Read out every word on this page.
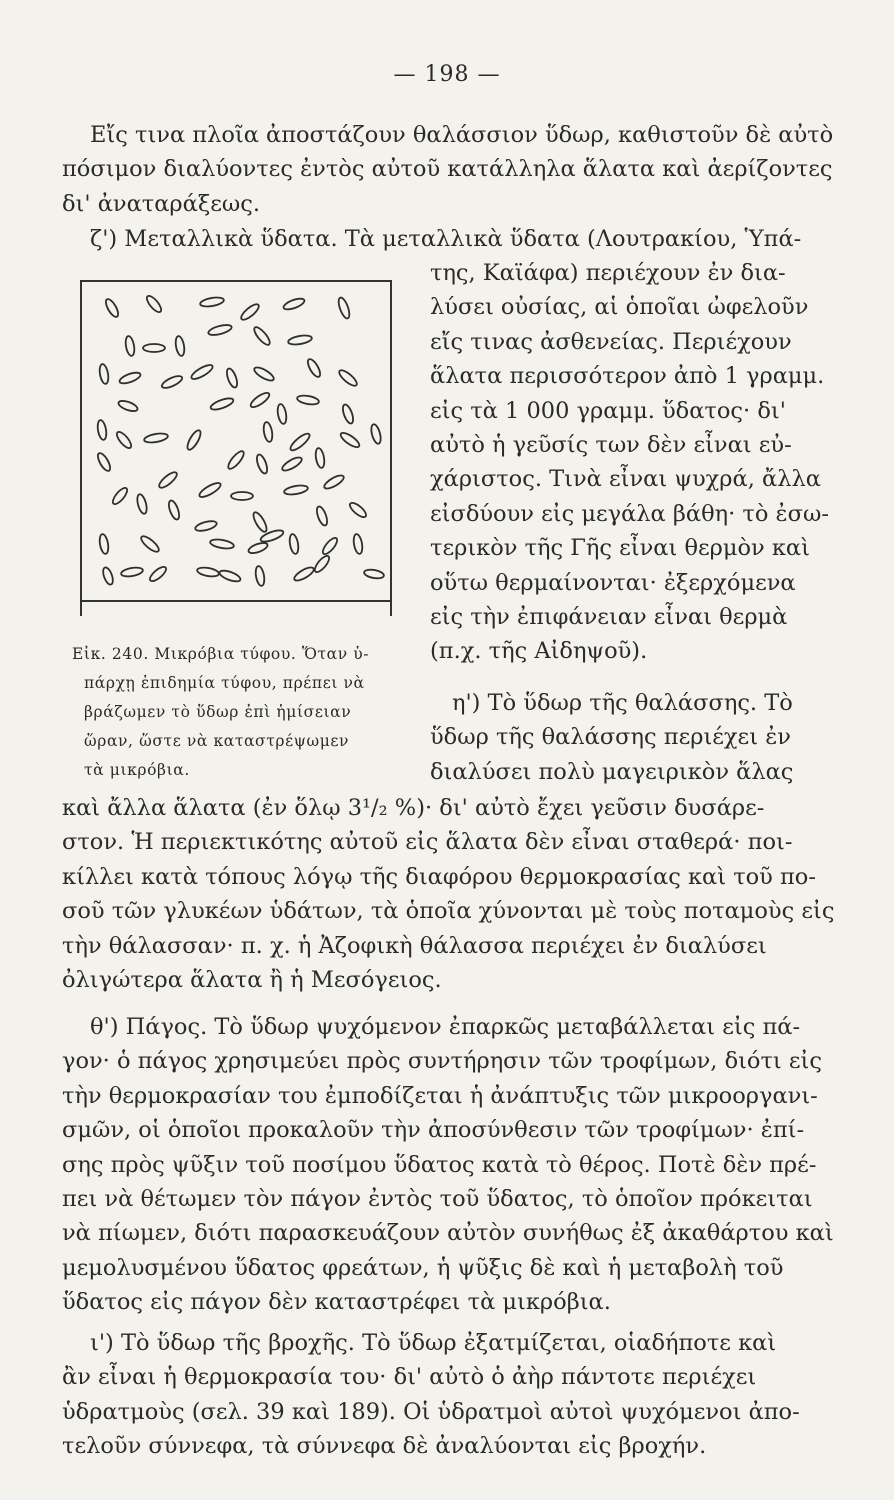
— 198 —

Εἴς τινα πλοῖα ἀποστάζουν θαλάσσιον ὕδωρ, καθιστοῦν δὲ αὐτὸ
πόσιμον διαλύοντες ἐντὸς αὐτοῦ κατάλληλα ἅλατα καὶ ἀερίζοντες
δι' ἀναταράξεως.

ζ') Μεταλλικὰ ὕδατα. Τὰ μεταλλικὰ ὕδατα (Λουτρακίου, Ὑπά-

της, Καϊάφα) περιέχουν ἐν δια-
λύσει οὐσίας, αἱ ὁποῖαι ὠφελοῦν
εἴς τινας ἀσθενείας. Περιέχουν
ἅλατα περισσότερον ἀπὸ 1 γραμμ.
εἰς τὰ 1 000 γραμμ. ὕδατος· δι'
αὐτὸ ἡ γεῦσίς των δὲν εἶναι εὐ-
χάριστος. Τινὰ εἶναι ψυχρά, ἄλλα
εἰσδύουν εἰς μεγάλα βάθη· τὸ ἐσω-
τερικὸν τῆς Γῆς εἶναι θερμὸν καὶ
οὕτω θερμαίνονται· ἐξερχόμενα
εἰς τὴν ἐπιφάνειαν εἶναι θερμὰ
(π.χ. τῆς Αἰδηψοῦ).

Εἰκ. 240. Μικρόβια τύφου. Ὅταν ὑ-
πάρχῃ ἐπιδημία τύφου, πρέπει νὰ
βράζωμεν τὸ ὕδωρ ἐπὶ ἡμίσειαν
ὥραν, ὥστε νὰ καταστρέψωμεν
τὰ μικρόβια.

η') Τὸ ὕδωρ τῆς θαλάσσης. Τὸ
ὕδωρ τῆς θαλάσσης περιέχει ἐν
διαλύσει πολὺ μαγειρικὸν ἅλας

καὶ ἄλλα ἅλατα (ἐν ὅλῳ 3¹/₂ %)· δι' αὐτὸ ἔχει γεῦσιν δυσάρε-
στον. Ἡ περιεκτικότης αὐτοῦ εἰς ἅλατα δὲν εἶναι σταθερά· ποι-
κίλλει κατὰ τόπους λόγῳ τῆς διαφόρου θερμοκρασίας καὶ τοῦ πο-
σοῦ τῶν γλυκέων ὑδάτων, τὰ ὁποῖα χύνονται μὲ τοὺς ποταμοὺς εἰς
τὴν θάλασσαν· π. χ. ἡ Ἀζοφικὴ θάλασσα περιέχει ἐν διαλύσει
ὀλιγώτερα ἅλατα ἢ ἡ Μεσόγειος.

θ') Πάγος. Τὸ ὕδωρ ψυχόμενον ἐπαρκῶς μεταβάλλεται εἰς πά-
γον· ὁ πάγος χρησιμεύει πρὸς συντήρησιν τῶν τροφίμων, διότι εἰς
τὴν θερμοκρασίαν του ἐμποδίζεται ἡ ἀνάπτυξις τῶν μικροοργανι-
σμῶν, οἱ ὁποῖοι προκαλοῦν τὴν ἀποσύνθεσιν τῶν τροφίμων· ἐπί-
σης πρὸς ψῦξιν τοῦ ποσίμου ὕδατος κατὰ τὸ θέρος. Ποτὲ δὲν πρέ-
πει νὰ θέτωμεν τὸν πάγον ἐντὸς τοῦ ὕδατος, τὸ ὁποῖον πρόκειται
νὰ πίωμεν, διότι παρασκευάζουν αὐτὸν συνήθως ἐξ ἀκαθάρτου καὶ
μεμολυσμένου ὕδατος φρεάτων, ἡ ψῦξις δὲ καὶ ἡ μεταβολὴ τοῦ
ὕδατος εἰς πάγον δὲν καταστρέφει τὰ μικρόβια.

ι') Τὸ ὕδωρ τῆς βροχῆς. Τὸ ὕδωρ ἐξατμίζεται, οἱαδήποτε καὶ
ἂν εἶναι ἡ θερμοκρασία του· δι' αὐτὸ ὁ ἀὴρ πάντοτε περιέχει
ὑδρατμοὺς (σελ. 39 καὶ 189). Οἱ ὑδρατμοὶ αὐτοὶ ψυχόμενοι ἀπο-
τελοῦν σύννεφα, τὰ σύννεφα δὲ ἀναλύονται εἰς βροχήν.
